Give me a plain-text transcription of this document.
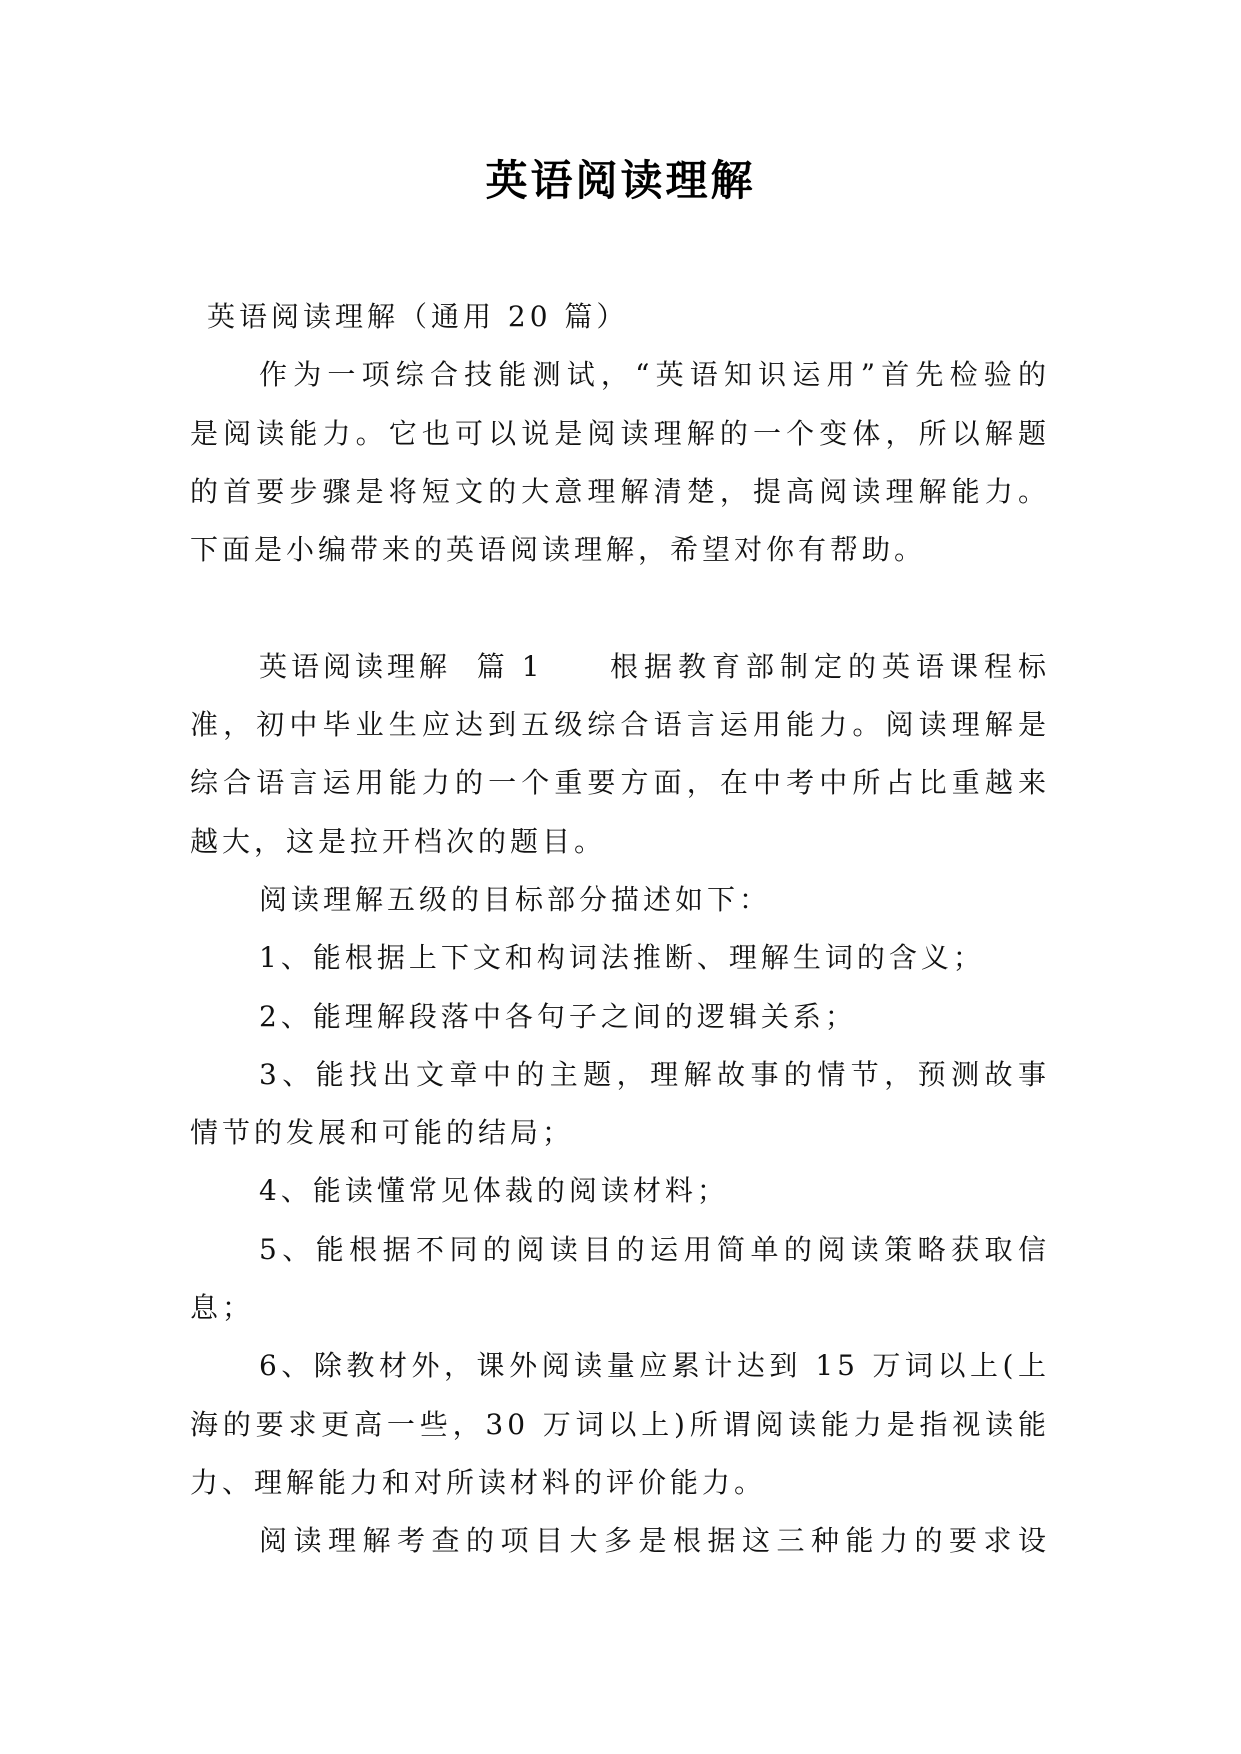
英语阅读理解
英语阅读理解（通用 20 篇）
作为一项综合技能测试，“英语知识运用”首先检验的
是阅读能力。它也可以说是阅读理解的一个变体，所以解题
的首要步骤是将短文的大意理解清楚，提高阅读理解能力。
下面是小编带来的英语阅读理解，希望对你有帮助。
英语阅读理解  篇 1 根据教育部制定的英语课程标
准，初中毕业生应达到五级综合语言运用能力。阅读理解是
综合语言运用能力的一个重要方面，在中考中所占比重越来
越大，这是拉开档次的题目。
阅读理解五级的目标部分描述如下：
1、能根据上下文和构词法推断、理解生词的含义；
2、能理解段落中各句子之间的逻辑关系；
3、能找出文章中的主题，理解故事的情节，预测故事
情节的发展和可能的结局；
4、能读懂常见体裁的阅读材料；
5、能根据不同的阅读目的运用简单的阅读策略获取信
息；
6、除教材外，课外阅读量应累计达到 15 万词以上(上
海的要求更高一些，30 万词以上)所谓阅读能力是指视读能
力、理解能力和对所读材料的评价能力。
阅读理解考查的项目大多是根据这三种能力的要求设
